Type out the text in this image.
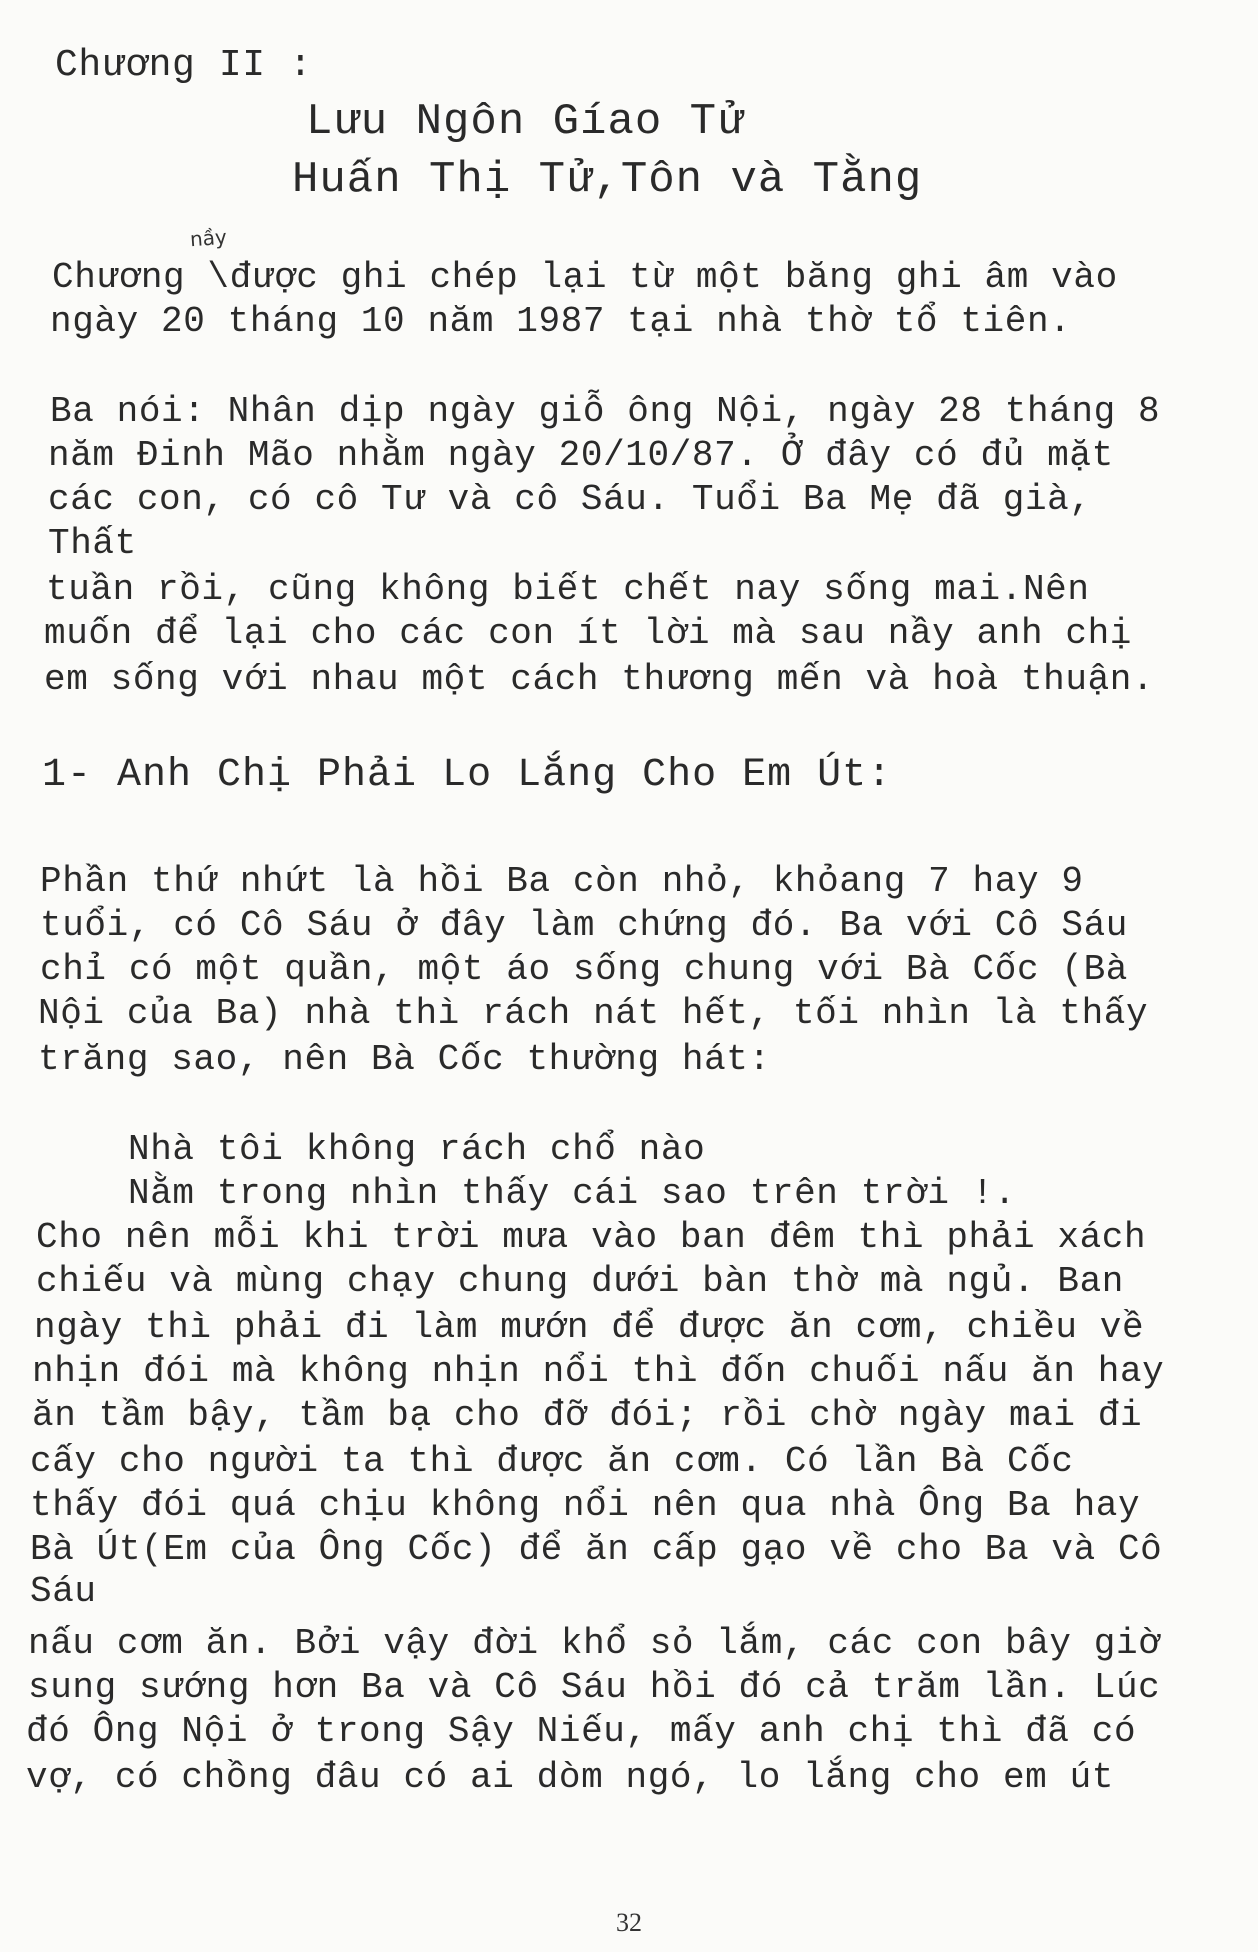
Chương II :
Lưu Ngôn Gíao Tử
Huấn Thị Tử,Tôn và Tằng
nầy
Chương \được ghi chép lại từ một băng ghi âm vào
ngày 20 tháng 10 năm 1987 tại nhà thờ tổ tiên.
Ba nói: Nhân dịp ngày giỗ ông Nội, ngày 28 tháng 8
năm Đinh Mão nhằm ngày 20/10/87. Ở đây có đủ mặt
các con, có cô Tư và cô Sáu. Tuổi Ba Mẹ đã già,
Thất
tuần rồi, cũng không biết chết nay sống mai.Nên
muốn để lại cho các con ít lời mà sau nầy anh chị
em sống với nhau một cách thương mến và hoà thuận.
1- Anh Chị Phải Lo Lắng Cho Em Út:
Phần thứ nhứt là hồi Ba còn nhỏ, khỏang 7 hay 9
tuổi, có Cô Sáu ở đây làm chứng đó. Ba với Cô Sáu
chỉ có một quần, một áo sống chung với Bà Cốc (Bà
Nội của Ba) nhà thì rách nát hết, tối nhìn là thấy
trăng sao, nên Bà Cốc thường hát:
Nhà tôi không rách chổ nào
Nằm trong nhìn thấy cái sao trên trời !.
Cho nên mỗi khi trời mưa vào ban đêm thì phải xách
chiếu và mùng chạy chung dưới bàn thờ mà ngủ. Ban
ngày thì phải đi làm mướn để được ăn cơm, chiều về
nhịn đói mà không nhịn nổi thì đốn chuối nấu ăn hay
ăn tầm bậy, tầm bạ cho đỡ đói; rồi chờ ngày mai đi
cấy cho người ta thì được ăn cơm. Có lần Bà Cốc
thấy đói quá chịu không nổi nên qua nhà Ông Ba hay
Bà Út(Em của Ông Cốc) để ăn cấp gạo về cho Ba và Cô
Sáu
nấu cơm ăn. Bởi vậy đời khổ sỏ lắm, các con bây giờ
sung sướng hơn Ba và Cô Sáu hồi đó cả trăm lần. Lúc
đó Ông Nội ở trong Sậy Niếu, mấy anh chị thì đã có
vợ, có chồng đâu có ai dòm ngó, lo lắng cho em út
32
